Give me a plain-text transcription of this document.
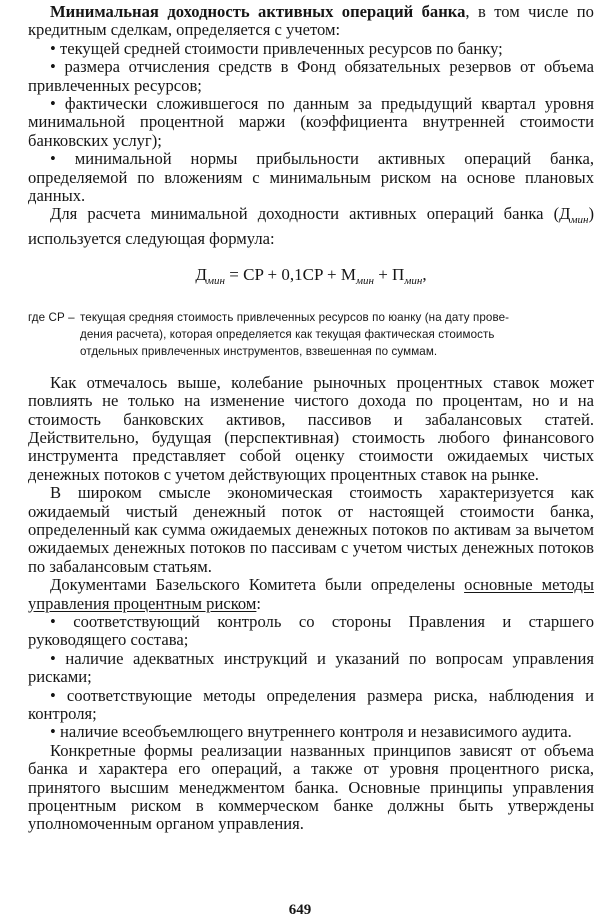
Минимальная доходность активных операций банка, в том числе по кредитным сделкам, определяется с учетом:

• текущей средней стоимости привлеченных ресурсов по банку;

• размера отчисления средств в Фонд обязательных резервов от объема привлеченных ресурсов;

• фактически сложившегося по данным за предыдущий квартал уровня минимальной процентной маржи (коэффициента внутренней стоимости банковских услуг);

• минимальной нормы прибыльности активных операций банка, определяемой по вложениям с минимальным риском на основе плановых данных.

Для расчета минимальной доходности активных операций банка $(Д_{мин})$ используется следующая формула:

$Д_{мин}$ = CP + $0,1CP + M_{мин} + П_{мин}$,
где СР – текущая средняя стоимость привлеченных ресурсов по юанку (на дату прове-
дения расчета), которая определяется как текущая фактическая стоимость
отдельных привлеченных инструментов, взвешенная по суммам.

Как отмечалось выше, колебание рыночных процентных ставок может повлиять не только на изменение чистого дохода по процентам, но и на стоимость банковских активов, пассивов и забалансовых статей. Действительно, будущая (перспективная) стоимость любого финансового инструмента представляет собой оценку стоимости ожидаемых чистых денежных потоков с учетом действующих процентных ставок на рынке.

В широком смысле экономическая стоимость характеризуется как ожидаемый чистый денежный поток от настоящей стоимости банка, определенный как сумма ожидаемых денежных потоков по активам за вычетом ожидаемых денежных потоков по пассивам с учетом чистых денежных потоков по забалансовым статьям.

Документами Базельского Комитета были определены основные методы управления процентным риском:

• соответствующий контроль со стороны Правления и старшего руководящего состава;

• наличие адекватных инструкций и указаний по вопросам управления рисками;

• соответствующие методы определения размера риска, наблюдения и контроля;

• наличие всеобъемлющего внутреннего контроля и независимого аудита.

Конкретные формы реализации названных принципов зависят от объема банка и характера его операций, а также от уровня процентного риска, принятого высшим менеджментом банка. Основные принципы управления процентным риском в коммерческом банке должны быть утверждены уполномоченным органом управления.

649
